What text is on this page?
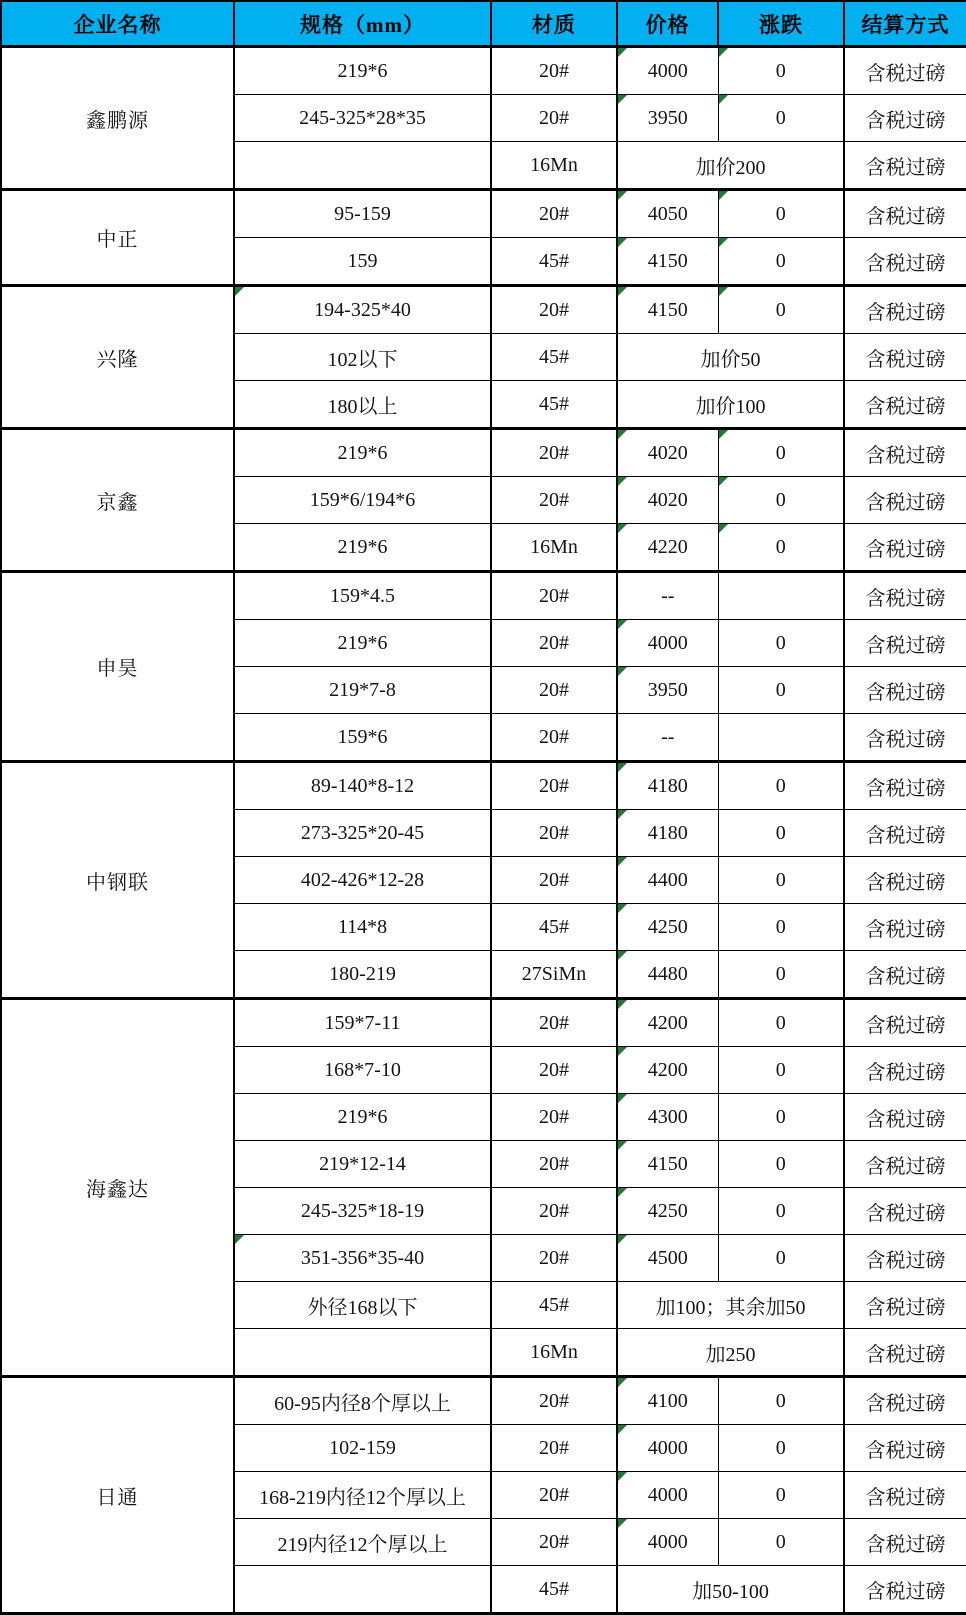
企业名称	规格（mm）	材质	价格	涨跌	结算方式
鑫鹏源	219*6	20#	4000	0	含税过磅
	245-325*28*35	20#	3950	0	含税过磅
		16Mn	加价200		含税过磅
中正	95-159	20#	4050	0	含税过磅
	159	45#	4150	0	含税过磅
兴隆	194-325*40	20#	4150	0	含税过磅
	102以下	45#	加价50		含税过磅
	180以上	45#	加价100		含税过磅
京鑫	219*6	20#	4020	0	含税过磅
	159*6/194*6	20#	4020	0	含税过磅
	219*6	16Mn	4220	0	含税过磅
申昊	159*4.5	20#	--		含税过磅
	219*6	20#	4000	0	含税过磅
	219*7-8	20#	3950	0	含税过磅
	159*6	20#	--		含税过磅
中钢联	89-140*8-12	20#	4180	0	含税过磅
	273-325*20-45	20#	4180	0	含税过磅
	402-426*12-28	20#	4400	0	含税过磅
	114*8	45#	4250	0	含税过磅
	180-219	27SiMn	4480	0	含税过磅
海鑫达	159*7-11	20#	4200	0	含税过磅
	168*7-10	20#	4200	0	含税过磅
	219*6	20#	4300	0	含税过磅
	219*12-14	20#	4150	0	含税过磅
	245-325*18-19	20#	4250	0	含税过磅
	351-356*35-40	20#	4500	0	含税过磅
	外径168以下	45#	加100；其余加50		含税过磅
		16Mn	加250		含税过磅
日通	60-95内径8个厚以上	20#	4100	0	含税过磅
	102-159	20#	4000	0	含税过磅
	168-219内径12个厚以上	20#	4000	0	含税过磅
	219内径12个厚以上	20#	4000	0	含税过磅
		45#	加50-100		含税过磅
